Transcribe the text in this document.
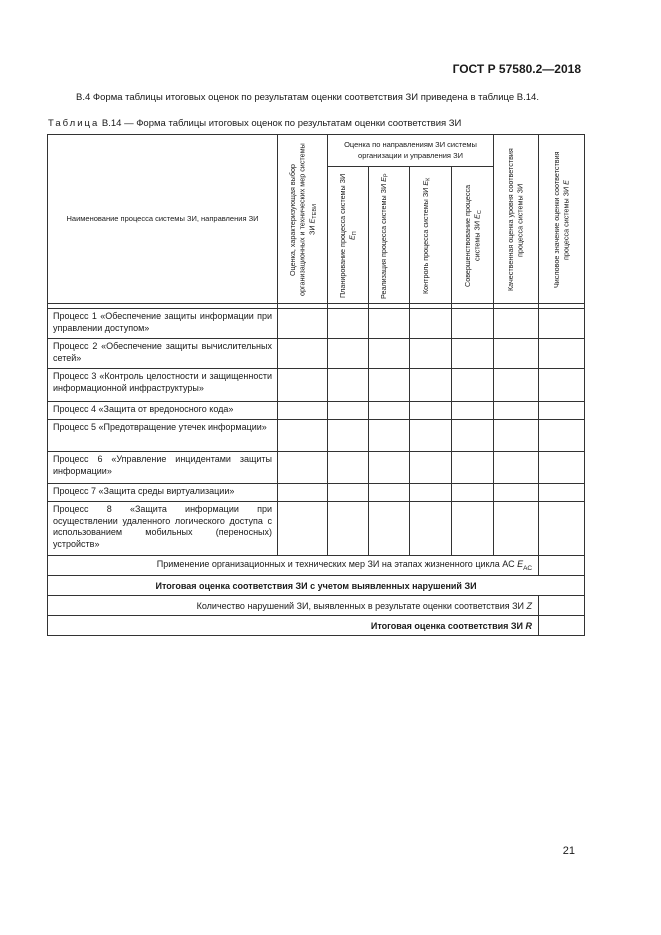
ГОСТ Р 57580.2—2018
В.4 Форма таблицы итоговых оценок по результатам оценки соответствия ЗИ приведена в таблице В.14.
Таблица В.14 — Форма таблицы итоговых оценок по результатам оценки соответствия ЗИ
Наименование процесса системы ЗИ, направления ЗИ	Оценка, характеризующая выбор организационных и технических мер системы ЗИ $E_{ТЕВИ}$	Оценка по направлениям ЗИ системы организации и управления ЗИ				Качественная оценка уровня соответствия процесса системы ЗИ	Числовое значение оценки соответствия процесса системы ЗИ E

		Планирование процесса системы ЗИ $E_П$	Реализация процесса системы ЗИ $E_Р$	Контроль процесса системы ЗИ $E_К$	Совершенствование процесса системы ЗИ $E_С$

Процесс 1 «Обеспечение защиты информации при управлении доступом»							
Процесс 2 «Обеспечение защиты вычислительных сетей»							
Процесс 3 «Контроль целостности и защищенности информационной инфраструктуры»							
Процесс 4 «Защита от вредоносного кода»							
Процесс 5 «Предотвращение утечек информации»							
Процесс 6 «Управление инцидентами защиты информации»							
Процесс 7 «Защита среды виртуализации»							
Процесс 8 «Защита информации при осуществлении удаленного логического доступа с использованием мобильных (переносных) устройств»							
Применение организационных и технических мер ЗИ на этапах жизненного цикла АС $E_{АС}$	
Итоговая оценка соответствия ЗИ с учетом выявленных нарушений ЗИ							
Количество нарушений ЗИ, выявленных в результате оценки соответствия ЗИ Z							
Итоговая оценка соответствия ЗИ R							
21
